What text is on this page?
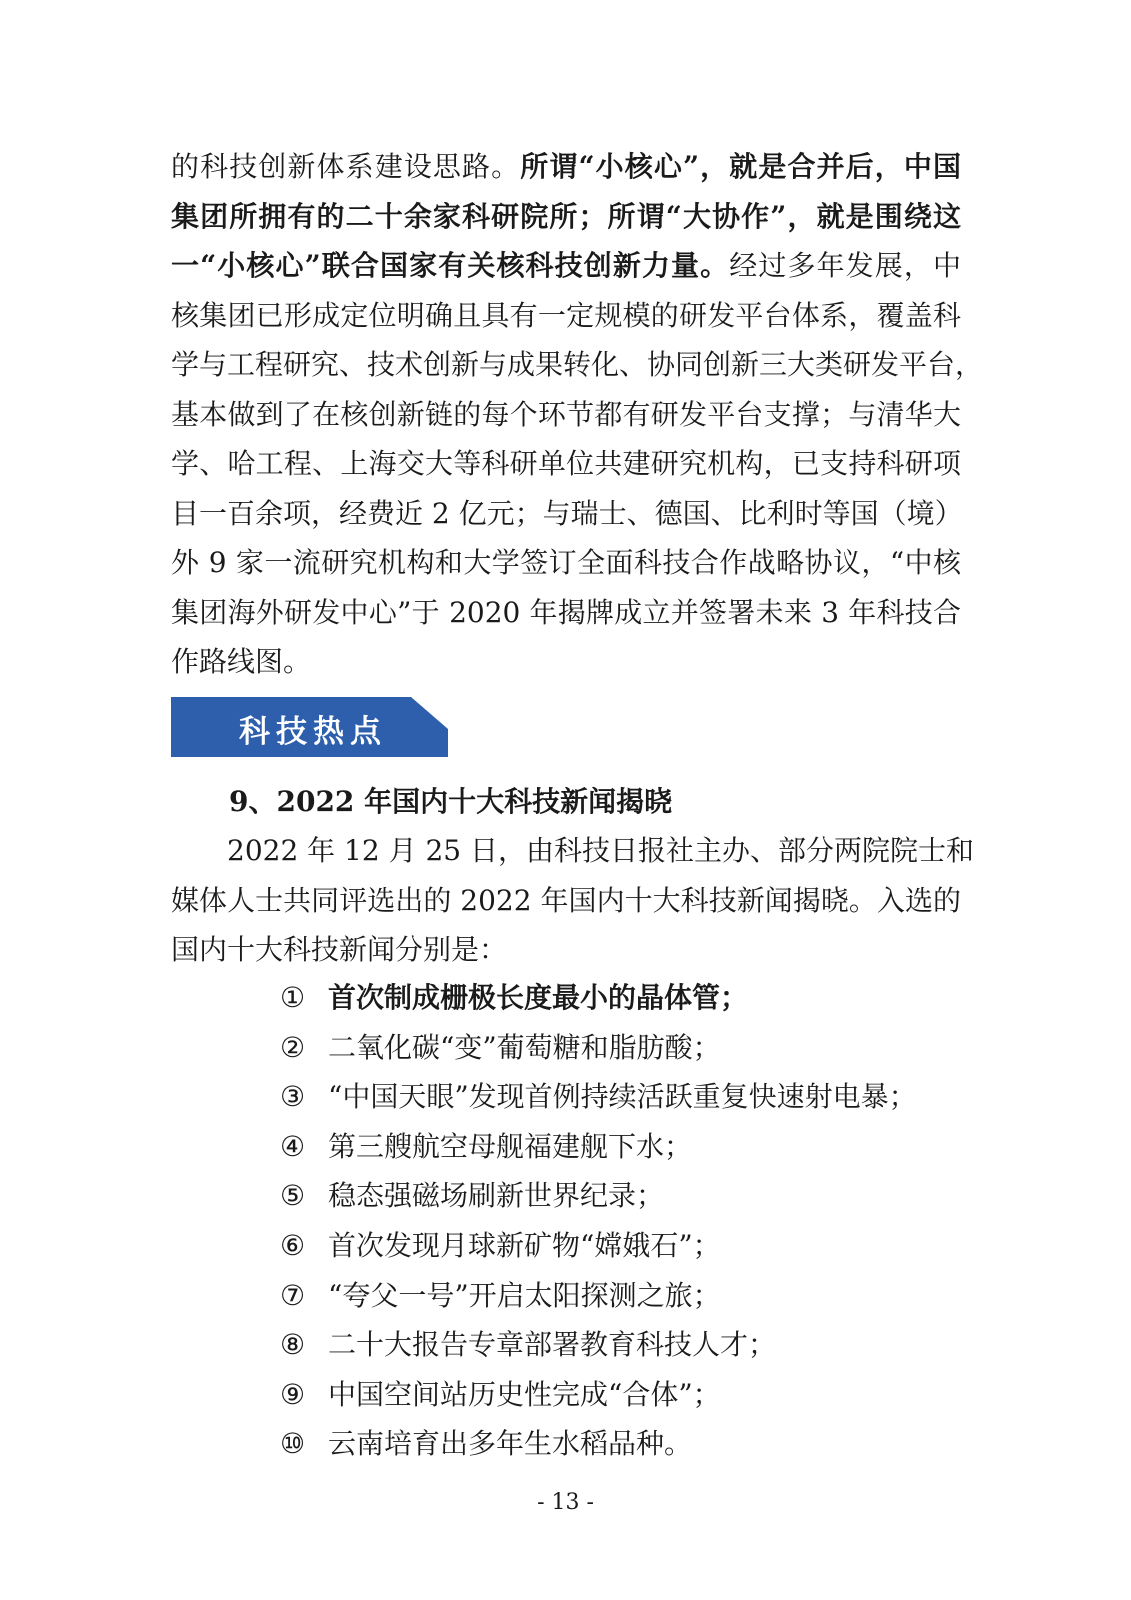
的科技创新体系建设思路。所谓“小核心”，就是合并后，中国
集团所拥有的二十余家科研院所；所谓“大协作”，就是围绕这
一“小核心”联合国家有关核科技创新力量。经过多年发展，中
核集团已形成定位明确且具有一定规模的研发平台体系，覆盖科
学与工程研究、技术创新与成果转化、协同创新三大类研发平台，
基本做到了在核创新链的每个环节都有研发平台支撑；与清华大
学、哈工程、上海交大等科研单位共建研究机构，已支持科研项
目一百余项，经费近 2 亿元；与瑞士、德国、比利时等国（境）
外 9 家一流研究机构和大学签订全面科技合作战略协议，“中核
集团海外研发中心”于 2020 年揭牌成立并签署未来 3 年科技合
作路线图。
科技热点

9、2022 年国内十大科技新闻揭晓

　　2022 年 12 月 25 日，由科技日报社主办、部分两院院士和
媒体人士共同评选出的 2022 年国内十大科技新闻揭晓。入选的
国内十大科技新闻分别是：
① 首次制成栅极长度最小的晶体管；
② 二氧化碳“变”葡萄糖和脂肪酸；
③ “中国天眼”发现首例持续活跃重复快速射电暴；
④ 第三艘航空母舰福建舰下水；
⑤ 稳态强磁场刷新世界纪录；
⑥ 首次发现月球新矿物“嫦娥石”；
⑦ “夸父一号”开启太阳探测之旅；
⑧ 二十大报告专章部署教育科技人才；
⑨ 中国空间站历史性完成“合体”；
⑩ 云南培育出多年生水稻品种。
- 13 -
